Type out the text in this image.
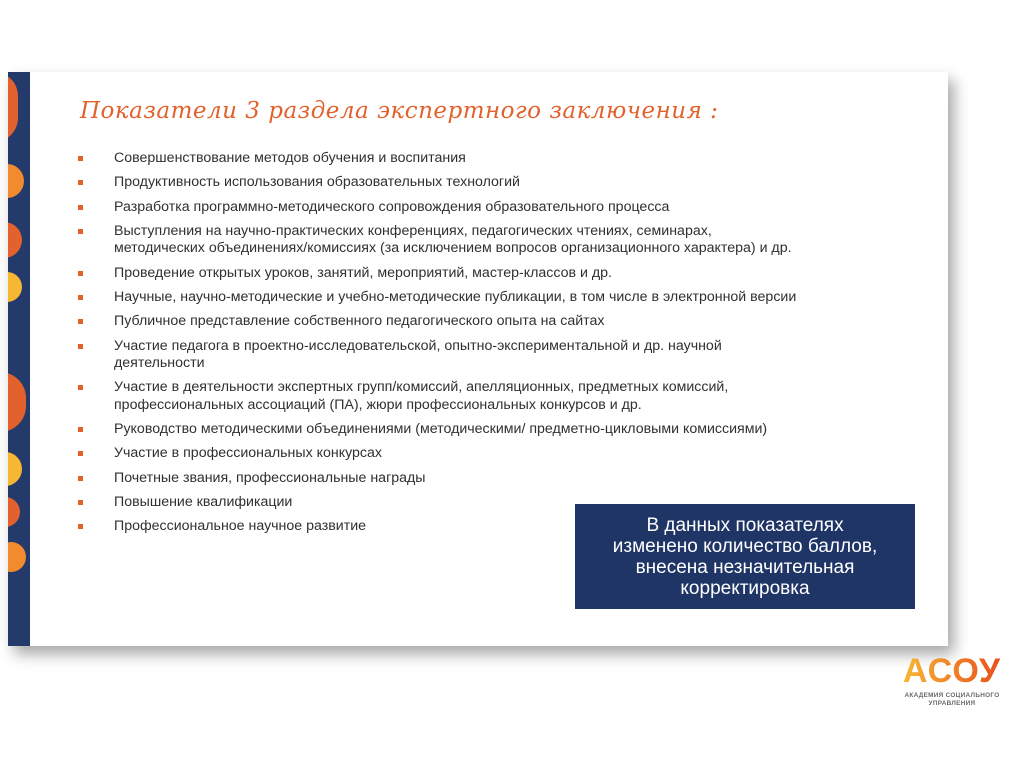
Показатели 3 раздела экспертного заключения :
Совершенствование методов обучения и воспитания
Продуктивность использования образовательных технологий
Разработка программно-методического сопровождения образовательного процесса
Выступления на научно-практических конференциях, педагогических чтениях, семинарах,
методических объединениях/комиссиях (за исключением вопросов организационного характера) и др.
Проведение открытых уроков, занятий, мероприятий, мастер-классов и др.
Научные, научно-методические и учебно-методические публикации, в том числе в электронной версии
Публичное представление собственного педагогического опыта на сайтах
Участие педагога в проектно-исследовательской, опытно-экспериментальной и др. научной
деятельности
Участие в деятельности экспертных групп/комиссий, апелляционных, предметных комиссий,
профессиональных ассоциаций (ПА), жюри профессиональных конкурсов и др.
Руководство методическими объединениями (методическими/ предметно-цикловыми комиссиями)
Участие в профессиональных конкурсах
Почетные звания, профессиональные награды
Повышение квалификации
Профессиональное научное развитие	В данных показателях
изменено количество баллов,
внесена незначительная
корректировка
АСОУ
АКАДЕМИЯ СОЦИАЛЬНОГО
УПРАВЛЕНИЯ
